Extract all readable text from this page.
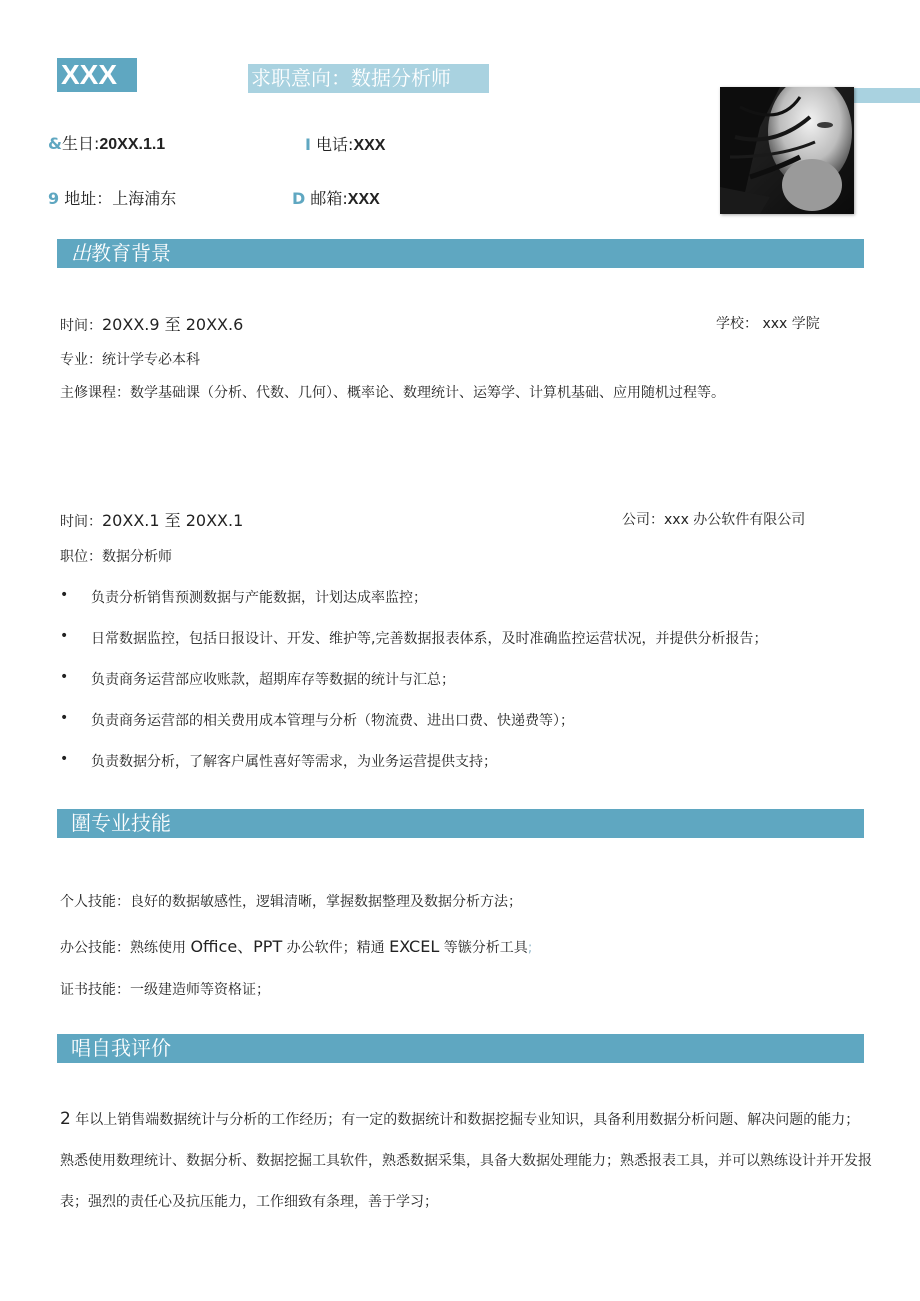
XXX	求职意向：数据分析师
&生日:20XX.1.1	I 电话:XXX
9 地址：上海浦东	D 邮箱:XXX
出教育背景
时间：20XX.9 至 20XX.6	学校： xxx 学院
专业：统计学专必本科
主修课程：数学基础课（分析、代数、几何）、概率论、数理统计、运筹学、计算机基础、应用随机过程等。
时间：20XX.1 至 20XX.1	公司：xxx 办公软件有限公司
职位：数据分析师
• 负责分析销售预测数据与产能数据，计划达成率监控；
• 日常数据监控，包括日报设计、开发、维护等,完善数据报表体系，及时准确监控运营状况，并提供分析报告；
• 负责商务运营部应收账款，超期库存等数据的统计与汇总；
• 负责商务运营部的相关费用成本管理与分析（物流费、进出口费、快递费等）；
• 负责数据分析，了解客户属性喜好等需求，为业务运营提供支持；
圍专业技能
个人技能：良好的数据敏感性，逻辑清晰，掌握数据整理及数据分析方法；
办公技能：熟练使用 Office、PPT 办公软件；精通 EXCEL 等镞分析工具;
证书技能：一级建造师等资格证；
唱自我评价
2 年以上销售端数据统计与分析的工作经历；有一定的数据统计和数据挖掘专业知识，具备利用数据分析问题、解决问题的能力；熟悉使用数理统计、数据分析、数据挖掘工具软件，熟悉数据采集，具备大数据处理能力；熟悉报表工具，并可以熟练设计并开发报表；强烈的责任心及抗压能力，工作细致有条理，善于学习；
